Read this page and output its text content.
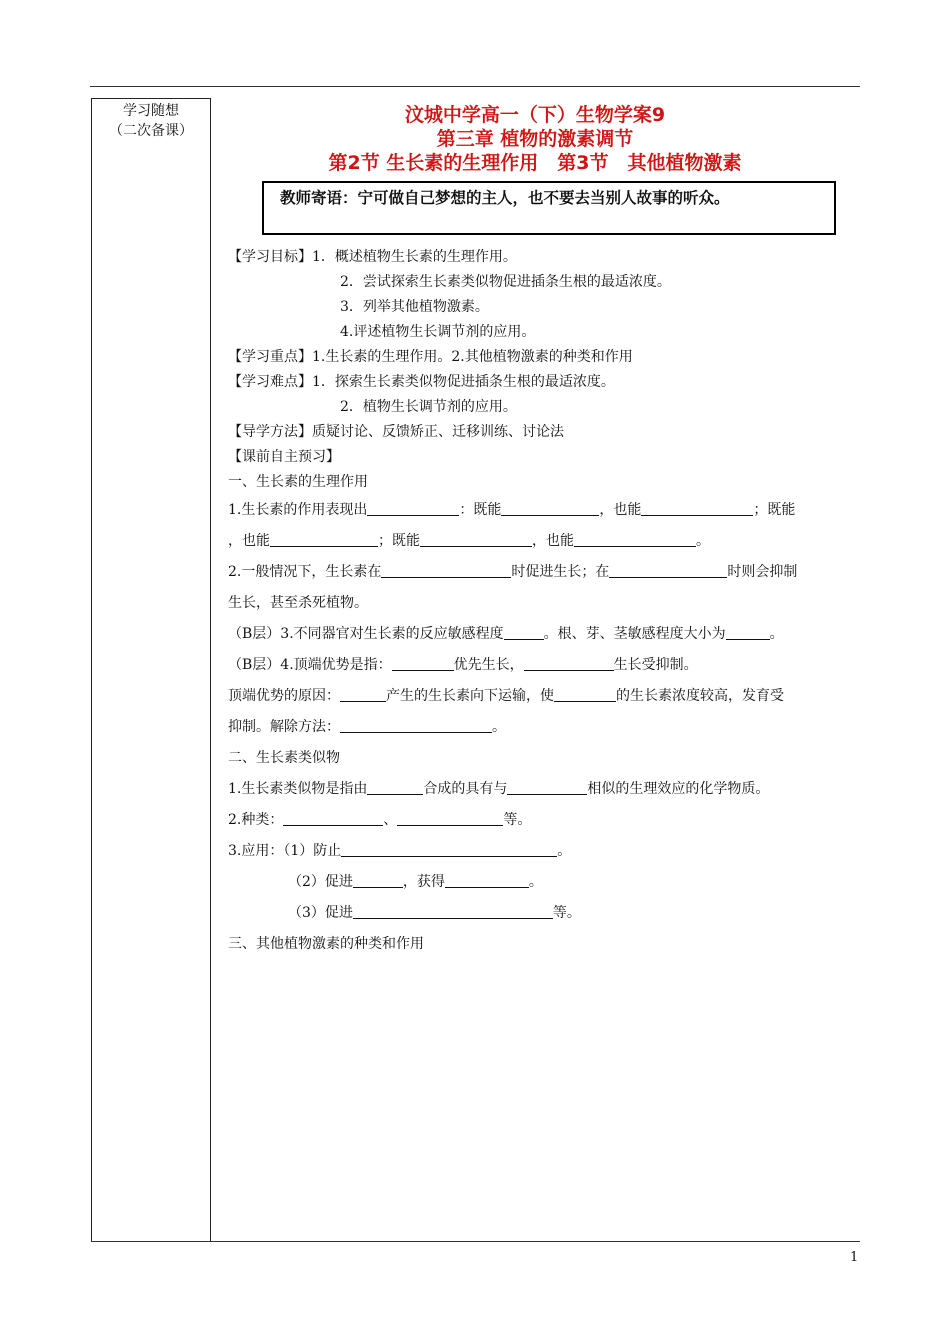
学习随想
（二次备课）
汶城中学高一（下）生物学案9
第三章 植物的激素调节
第2节 生长素的生理作用　第3节　其他植物激素
教师寄语：宁可做自己梦想的主人，也不要去当别人故事的听众。
【学习目标】1．概述植物生长素的生理作用。
2．尝试探索生长素类似物促进插条生根的最适浓度。
3．列举其他植物激素。
4.评述植物生长调节剂的应用。
【学习重点】1.生长素的生理作用。2.其他植物激素的种类和作用
【学习难点】1．探索生长素类似物促进插条生根的最适浓度。
2．植物生长调节剂的应用。
【导学方法】质疑讨论、反馈矫正、迁移训练、讨论法
【课前自主预习】
一、生长素的生理作用
1.生长素的作用表现出	：既能	，也能	；既能
，也能	；既能	，也能	。
2.一般情况下，生长素在	时促进生长；在	时则会抑制
生长，甚至杀死植物。
（B层）3.不同器官对生长素的反应敏感程度	。根、芽、茎敏感程度大小为	。
（B层）4.顶端优势是指：	优先生长，	生长受抑制。
顶端优势的原因：	产生的生长素向下运输，使	的生长素浓度较高，发育受
抑制。解除方法：	。
二、生长素类似物
1.生长素类似物是指由	合成的具有与	相似的生理效应的化学物质。
2.种类：	、	等。
3.应用：（1）防止	。
（2）促进	，获得	。
（3）促进	等。
三、其他植物激素的种类和作用
1
